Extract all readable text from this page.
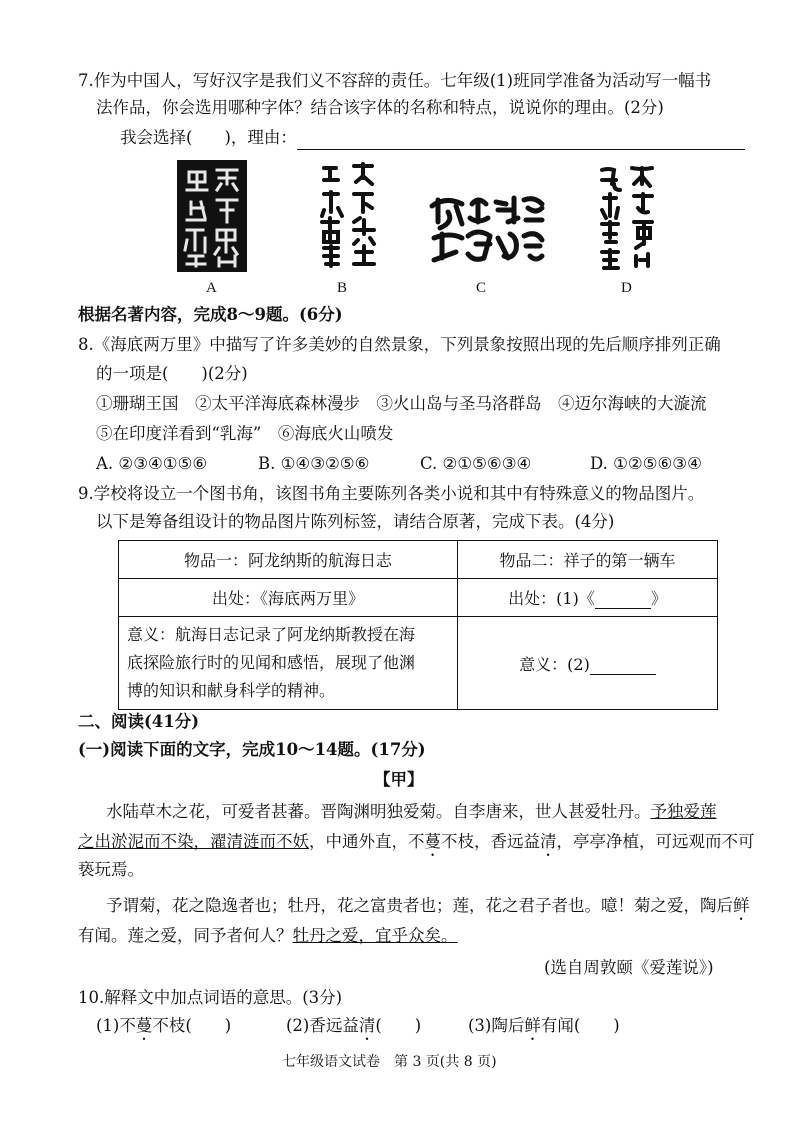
7.作为中国人，写好汉字是我们义不容辞的责任。七年级(1)班同学准备为活动写一幅书
法作品，你会选用哪种字体？结合该字体的名称和特点，说说你的理由。(2分)
我会选择( )，理由：
A	B	C	D
根据名著内容，完成8～9题。(6分)
8.《海底两万里》中描写了许多美妙的自然景象，下列景象按照出现的先后顺序排列正确
的一项是(　　)(2分)
①珊瑚王国　②太平洋海底森林漫步　③火山岛与圣马洛群岛　④迈尔海峡的大漩流
⑤在印度洋看到“乳海”　⑥海底火山喷发
A. ②③④①⑤⑥	B. ①④③②⑤⑥	C. ②①⑤⑥③④	D. ①②⑤⑥③④
9.学校将设立一个图书角，该图书角主要陈列各类小说和其中有特殊意义的物品图片。
以下是筹备组设计的物品图片陈列标签，请结合原著，完成下表。(4分)
物品一：阿龙纳斯的航海日志	物品二：祥子的第一辆车
出处：《海底两万里》	出处：(1)《 》

意义：航海日志记录了阿龙纳斯教授在海
底探险旅行时的见闻和感悟，展现了他渊
博的知识和献身科学的精神。	意义：(2)
二、阅读(41分)
(一)阅读下面的文字，完成10～14题。(17分)
【甲】
水陆草木之花，可爱者甚蕃。晋陶渊明独爱菊。自李唐来，世人甚爱牡丹。予独爱莲
之出淤泥而不染，濯清涟而不妖，中通外直，不蔓不枝，香远益清，亭亭净植，可远观而不可
亵玩焉。
予谓菊，花之隐逸者也；牡丹，花之富贵者也；莲，花之君子者也。噫！菊之爱，陶后鲜
有闻。莲之爱，同予者何人？牡丹之爱，宜乎众矣。
(选自周敦颐《爱莲说》)
10.解释文中加点词语的意思。(3分)
(1)不蔓不枝(　　)	(2)香远益清(　　)	(3)陶后鲜有闻(　　)
七年级语文试卷　第 3 页(共 8 页)
